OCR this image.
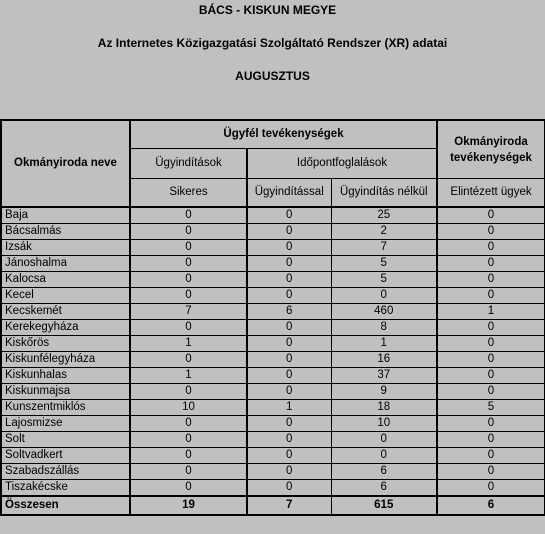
BÁCS - KISKUN MEGYE
Az Internetes Közigazgatási Szolgáltató Rendszer (XR) adatai
AUGUSZTUS
Okmányiroda neve	Ügyfél tevékenységek			Okmányiroda tevékenységek
	Ügyindítások	Időpontfoglalások		
	Sikeres	Ügyindítással	Ügyindítás nélkül	Elintézett ügyek
Baja	0	0	25	0
Bácsalmás	0	0	2	0
Izsák	0	0	7	0
Jánoshalma	0	0	5	0
Kalocsa	0	0	5	0
Kecel	0	0	0	0
Kecskemét	7	6	460	1
Kerekegyháza	0	0	8	0
Kiskőrös	1	0	1	0
Kiskunfélegyháza	0	0	16	0
Kiskunhalas	1	0	37	0
Kiskunmajsa	0	0	9	0
Kunszentmiklós	10	1	18	5
Lajosmizse	0	0	10	0
Solt	0	0	0	0
Soltvadkert	0	0	0	0
Szabadszállás	0	0	6	0
Tiszakécske	0	0	6	0
Összesen	19	7	615	6
